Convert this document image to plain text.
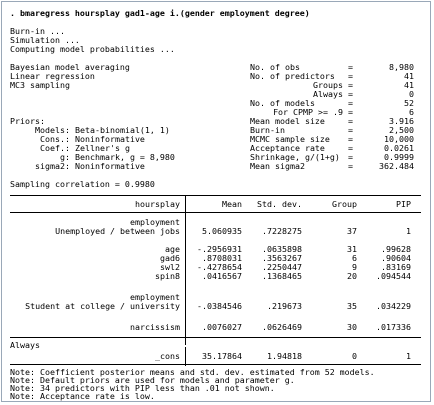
. bmaregress hoursplay gad1-age i.(gender employment degree)
Burn-in ...
Simulation ...
Computing model probabilities ...
Bayesian model averaging
Linear regression
MC3 sampling
No. of obs	=	8,980
No. of predictors =	41
Groups =	41
Always =	0
No. of models	=	52
For CPMP >= .9 =	6
Mean model size	=	3.916
Burn-in	=	2,500
MCMC sample size =	10,000
Acceptance rate	=	0.0261
Shrinkage, g/(1+g) =	0.9999
Mean sigma2	=	362.484
Priors:
Models: Beta-binomial(1, 1)
Cons.: Noninformative
Coef.: Zellner's g
g: Benchmark, g = 8,980
sigma2: Noninformative
Sampling correlation = 0.9980
hoursplay	Mean	Std. dev.	Group	PIP
employment
Unemployed / between jobs	5.060935	.7228275	37	1
age	-.2956931	.0635898	31	.99628
gad6	.8708031	.3563267	6	.90604
swl2	-.4278654	.2250447	9	.83169
spin8	.0416567	.1368465	20	.094544
employment
Student at college / university	-.0384546	.219673	35	.034229
narcissism	.0076027	.0626469	30	.017336
Always
_cons	35.17864	1.94818	0	1
Note: Coefficient posterior means and std. dev. estimated from 52 models.
Note: Default priors are used for models and parameter g.
Note: 34 predictors with PIP less than .01 not shown.
Note: Acceptance rate is low.
